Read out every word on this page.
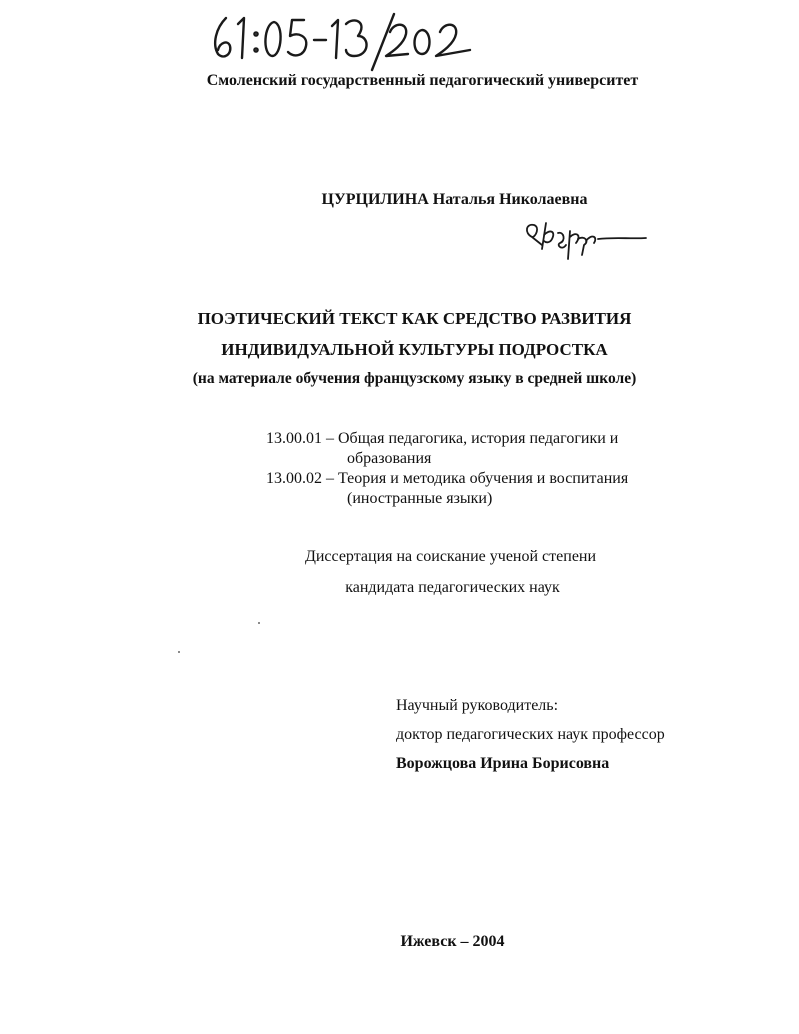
Смоленский государственный педагогический университет
ЦУРЦИЛИНА Наталья Николаевна
ПОЭТИЧЕСКИЙ ТЕКСТ КАК СРЕДСТВО РАЗВИТИЯ
ИНДИВИДУАЛЬНОЙ КУЛЬТУРЫ ПОДРОСТКА
(на материале обучения французскому языку в средней школе)
13.00.01 – Общая педагогика, история педагогики и
образования
13.00.02 – Теория и методика обучения и воспитания
(иностранные языки)
Диссертация на соискание ученой степени
кандидата педагогических наук
Научный руководитель:
доктор педагогических наук профессор
Ворожцова Ирина Борисовна
Ижевск – 2004
